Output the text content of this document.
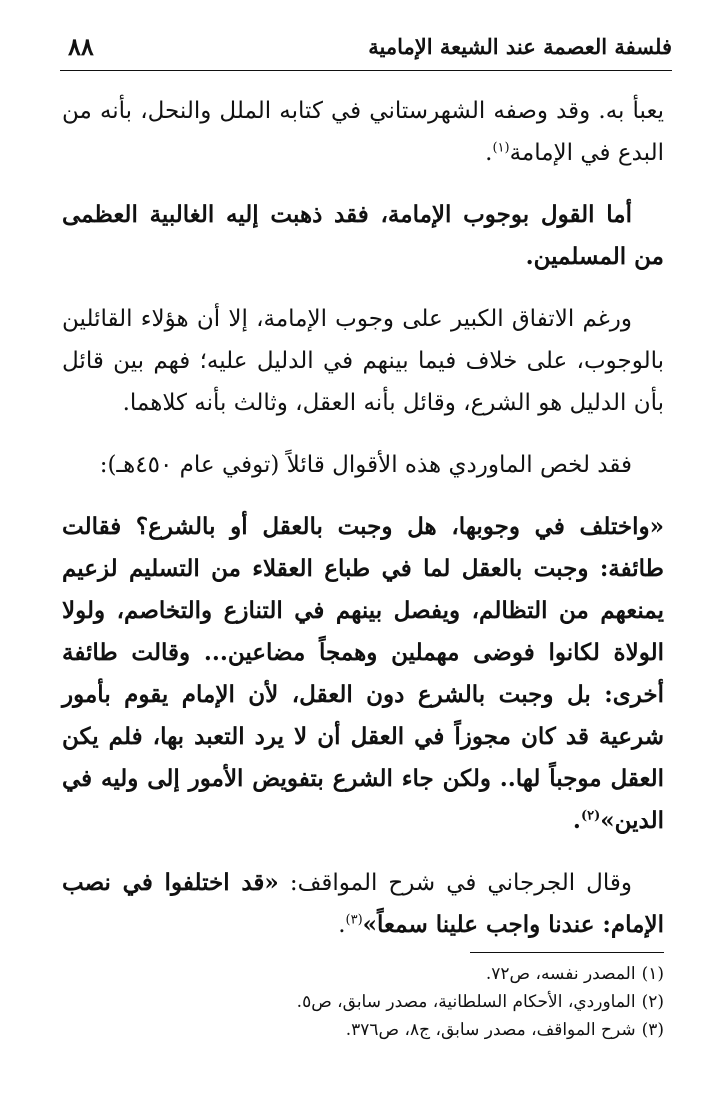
فلسفة العصمة عند الشيعة الإمامية
٨٨

يعبأ به. وقد وصفه الشهرستاني في كتابه الملل والنحل، بأنه من البدع في الإمامة$^{(١)}$.

أما القول بوجوب الإمامة، فقد ذهبت إليه الغالبية العظمى من المسلمين.

ورغم الاتفاق الكبير على وجوب الإمامة، إلا أن هؤلاء القائلين بالوجوب، على خلاف فيما بينهم في الدليل عليه؛ فهم بين قائل بأن الدليل هو الشرع، وقائل بأنه العقل، وثالث بأنه كلاهما.

فقد لخص الماوردي هذه الأقوال قائلاً (توفي عام ٤٥٠هـ):

«واختلف في وجوبها، هل وجبت بالعقل أو بالشرع؟ فقالت طائفة: وجبت بالعقل لما في طباع العقلاء من التسليم لزعيم يمنعهم من التظالم، ويفصل بينهم في التنازع والتخاصم، ولولا الولاة لكانوا فوضى مهملين وهمجاً مضاعين... وقالت طائفة أخرى: بل وجبت بالشرع دون العقل، لأن الإمام يقوم بأمور شرعية قد كان مجوزاً في العقل أن لا يرد التعبد بها، فلم يكن العقل موجباً لها.. ولكن جاء الشرع بتفويض الأمور إلى وليه في الدين»$^{(٢)}$.

وقال الجرجاني في شرح المواقف: «قد اختلفوا في نصب الإمام: عندنا واجب علينا سمعاً»$^{(٣)}$.

(١)المصدر نفسه، ص٧٢.

(٢)الماوردي، الأحكام السلطانية، مصدر سابق، ص٥.

(٣)شرح المواقف، مصدر سابق، ج٨، ص٣٧٦.
